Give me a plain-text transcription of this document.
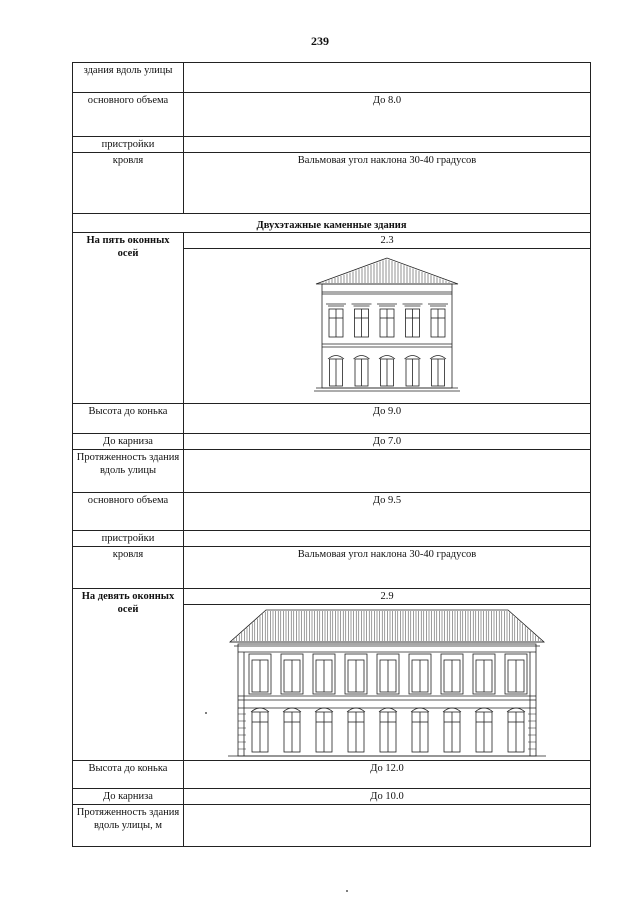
239
здания вдоль улицы	
основного объема	До 8.0
пристройки	
кровля	Вальмовая угол наклона 30-40 градусов
Двухэтажные каменные здания	
На пять оконных осей	2.3

Высота до конька	До 9.0
До карниза	До 7.0
Протяженность здания вдоль улицы	
основного объема	До 9.5
пристройки	
кровля	Вальмовая угол наклона 30-40 градусов
На девять оконных осей	2.9

Высота до конька	До 12.0
До карниза	До 10.0
Протяженность здания вдоль улицы, м	
